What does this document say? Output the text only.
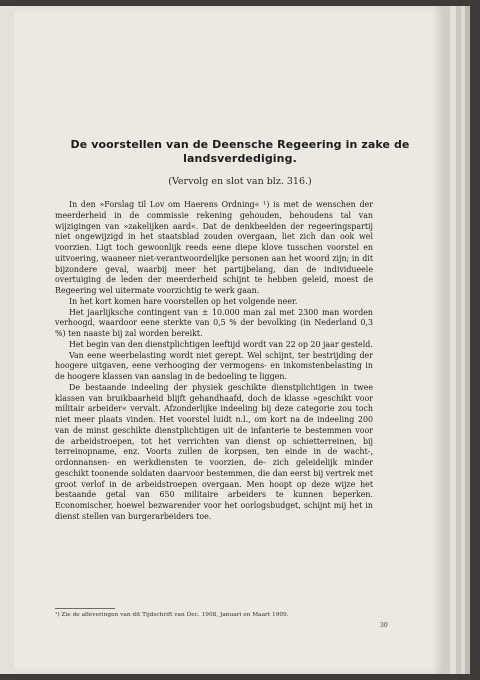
De voorstellen van de Deensche Regeering in zake de landsverdediging.
(Vervolg en slot van blz. 316.)

In den »Forslag til Lov om Haerens Ordning« ¹) is met de wenschen der meerderheid in de commissie rekening gehouden, behoudens tal van wijzigingen van »zakelijken aard«. Dat de denkbeelden der regeeringspartij niet ongewijzigd in het staatsblad zouden overgaan, liet zich dan ook wel voorzien. Ligt toch gewoonlijk reeds eene diepe klove tusschen voorstel en uitvoering, waaneer niet-verantwoordelijke personen aan het woord zijn; in dit bijzondere geval, waarbij meer het partijbelang, dan de individueele overtuiging de leden der meerderheid schijnt te hebben geleid, moest de Regeering wel uitermate voorzichtig te werk gaan.

In het kort komen hare voorstellen op het volgende neer.

Het jaarlijksche contingent van ± 10.000 man zal met 2300 man worden verhoogd, waardoor eene sterkte van 0,5 % der bevolking (in Nederland 0,3 %) ten naaste bij zal worden bereikt.

Het begin van den dienstplichtigen leeftijd wordt van 22 op 20 jaar gesteld.

Van eene weerbelasting wordt niet gerept. Wel schijnt, ter bestrijding der hoogere uitgaven, eene verhooging der vermogens- en inkomstenbelasting in de hoogere klassen van aanslag in de bedoeling te liggen.

De bestaande indeeling der physiek geschikte dienstplichtigen in twee klassen van bruikbaarheid blijft gehandhaafd, doch de klasse »geschikt voor militair arbeider« vervalt. Afzonderlijke indeeling bij deze categorie zou toch niet meer plaats vinden. Het voorstel luidt n.l., om kort na de indeeling 200 van de minst geschikte dienstplichtigen uit de infanterie te bestemmen voor de arbeidstroepen, tot het verrichten van dienst op schietterreinen, bij terreinopname, enz. Voorts zullen de korpsen, ten einde in de wacht-, ordonnansen- en werkdiensten te voorzien, de- zich geleidelijk minder geschikt toonende soldaten daarvoor bestemmen, die dan eerst bij vertrek met groot verlof in de arbeidstroepen overgaan. Men hoopt op deze wijze het bestaande getal van 650 militaire arbeiders te kunnen beperken. Economischer, hoewel bezwarender voor het oorlogsbudget, schijnt mij het in dienst stellen van burgerarbeiders toe.

¹) Zie de afleveringen van dit Tijdschrift van Dec. 1908, Januari en Maart 1909.
30
